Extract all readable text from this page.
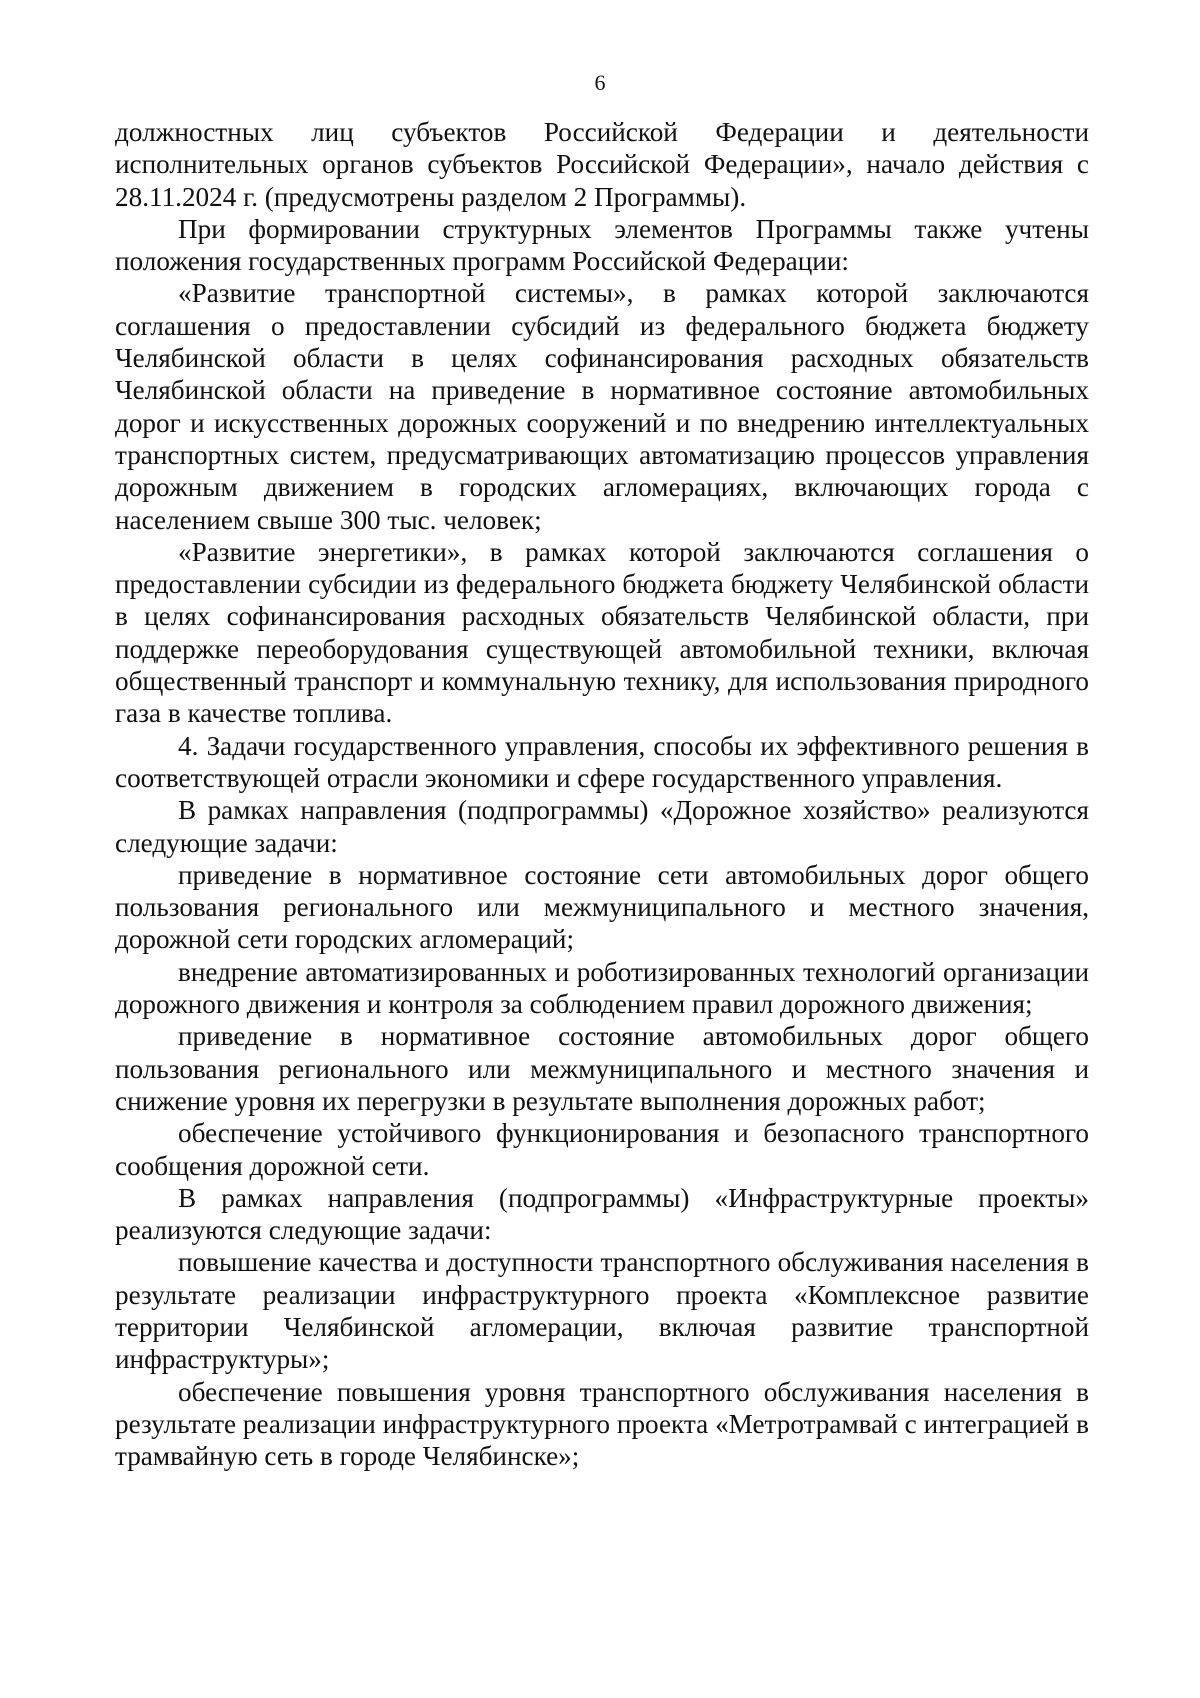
6

должностных лиц субъектов Российской Федерации и деятельности исполнительных органов субъектов Российской Федерации», начало действия с 28.11.2024 г. (предусмотрены разделом 2 Программы).

При формировании структурных элементов Программы также учтены положения государственных программ Российской Федерации:

«Развитие транспортной системы», в рамках которой заключаются соглашения о предоставлении субсидий из федерального бюджета бюджету Челябинской области в целях софинансирования расходных обязательств Челябинской области на приведение в нормативное состояние автомобильных дорог и искусственных дорожных сооружений и по внедрению интеллектуальных транспортных систем, предусматривающих автоматизацию процессов управления дорожным движением в городских агломерациях, включающих города с населением свыше 300 тыс. человек;

«Развитие энергетики», в рамках которой заключаются соглашения о предоставлении субсидии из федерального бюджета бюджету Челябинской области в целях софинансирования расходных обязательств Челябинской области, при поддержке переоборудования существующей автомобильной техники, включая общественный транспорт и коммунальную технику, для использования природного газа в качестве топлива.

4. Задачи государственного управления, способы их эффективного решения в соответствующей отрасли экономики и сфере государственного управления.

В рамках направления (подпрограммы) «Дорожное хозяйство» реализуются следующие задачи:

приведение в нормативное состояние сети автомобильных дорог общего пользования регионального или межмуниципального и местного значения, дорожной сети городских агломераций;

внедрение автоматизированных и роботизированных технологий организации дорожного движения и контроля за соблюдением правил дорожного движения;

приведение в нормативное состояние автомобильных дорог общего пользования регионального или межмуниципального и местного значения и снижение уровня их перегрузки в результате выполнения дорожных работ;

обеспечение устойчивого функционирования и безопасного транспортного сообщения дорожной сети.

В рамках направления (подпрограммы) «Инфраструктурные проекты» реализуются следующие задачи:

повышение качества и доступности транспортного обслуживания населения в результате реализации инфраструктурного проекта «Комплексное развитие территории Челябинской агломерации, включая развитие транспортной инфраструктуры»;

обеспечение повышения уровня транспортного обслуживания населения в результате реализации инфраструктурного проекта «Метротрамвай с интеграцией в трамвайную сеть в городе Челябинске»;
